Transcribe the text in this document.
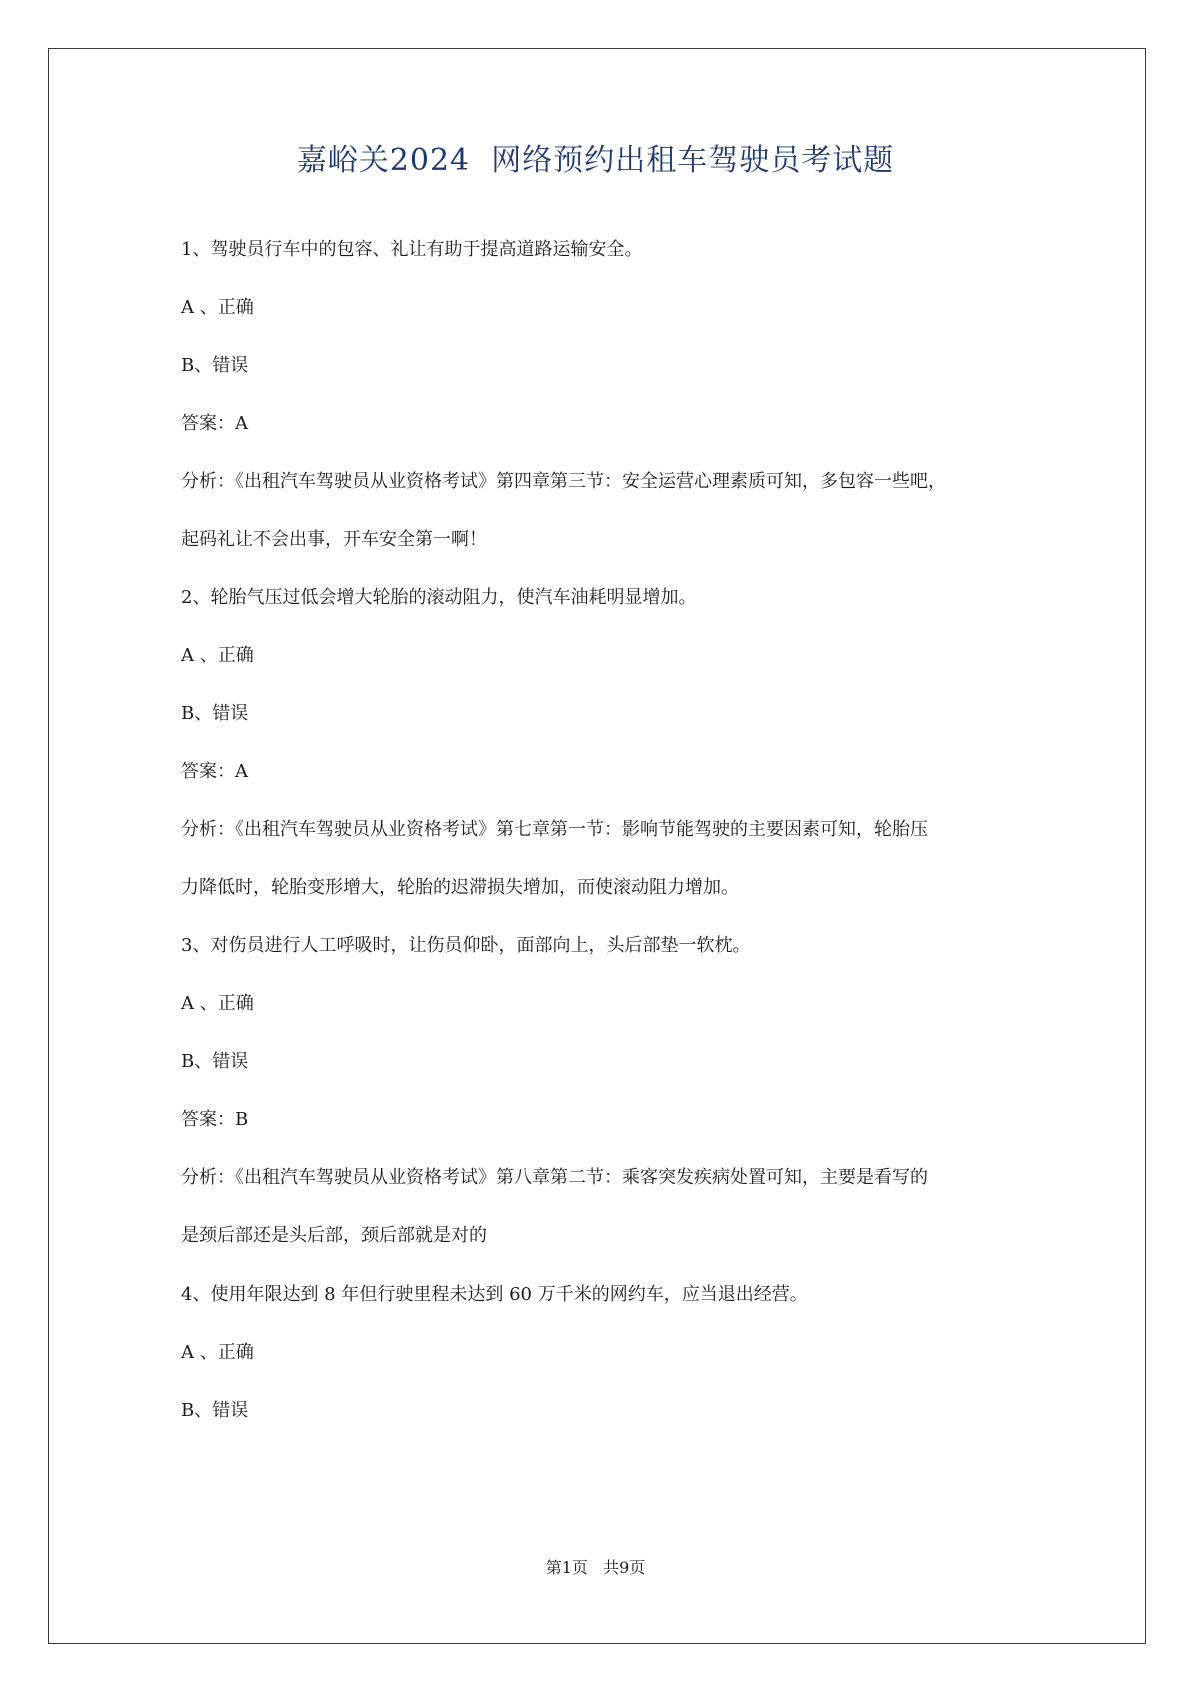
嘉峪关2024  网络预约出租车驾驶员考试题
1、驾驶员行车中的包容、礼让有助于提高道路运输安全。
A 、正确
B、错误
答案：A
分析：《出租汽车驾驶员从业资格考试》第四章第三节：安全运营心理素质可知，多包容一些吧，
起码礼让不会出事，开车安全第一啊！
2、轮胎气压过低会增大轮胎的滚动阻力，使汽车油耗明显增加。
A 、正确
B、错误
答案：A
分析：《出租汽车驾驶员从业资格考试》第七章第一节：影响节能驾驶的主要因素可知，轮胎压
力降低时，轮胎变形增大，轮胎的迟滞损失增加，而使滚动阻力增加。
3、对伤员进行人工呼吸时，让伤员仰卧，面部向上，头后部垫一软枕。
A 、正确
B、错误
答案：B
分析：《出租汽车驾驶员从业资格考试》第八章第二节：乘客突发疾病处置可知，主要是看写的
是颈后部还是头后部，颈后部就是对的
4、使用年限达到 8 年但行驶里程未达到 60 万千米的网约车，应当退出经营。
A 、正确
B、错误
第1页   共9页
